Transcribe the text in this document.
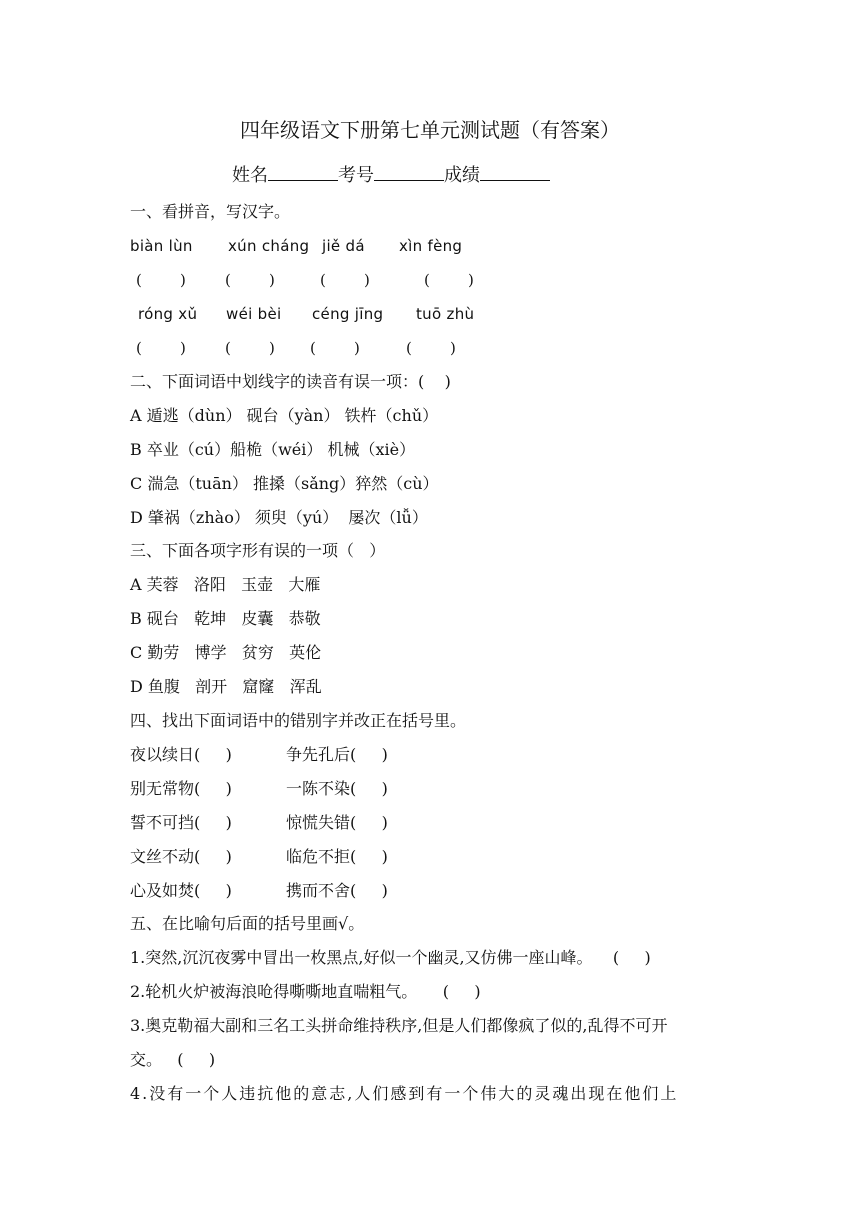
四年级语文下册第七单元测试题（有答案）
姓名	考号	成绩
一、看拼音，写汉字。
biàn lùn xún cháng jiě dá xìn fèng
(        )	(        )	(        )	(        )
róng xǔ wéi bèi céng jīng tuō zhù
(        )	(        ) (        )	(        )
二、下面词语中划线字的读音有误一项：(    )
A 遁逃（dùn） 砚台（yàn） 铁杵（chǔ）
B 卒业（cú）船桅（wéi） 机械（xiè）
C 湍急（tuān） 推搡（sǎng）猝然（cù）
D 肇祸（zhào） 须臾（yú）  屡次（lǚ）
三、下面各项字形有误的一项（   ）
A 芙蓉   洛阳   玉壶   大雁
B 砚台   乾坤   皮囊   恭敬
C 勤劳   博学   贫穷   英伦
D 鱼腹   剖开   窟窿   浑乱
四、找出下面词语中的错别字并改正在括号里。
夜以续日(     )	争先孔后(     )
别无常物(     )	一陈不染(     )
誓不可挡(     )	惊慌失错(     )
文丝不动(     )	临危不拒(     )
心及如焚(     )	携而不舍(     )
五、在比喻句后面的括号里画√。
1.突然,沉沉夜雾中冒出一枚黑点,好似一个幽灵,又仿佛一座山峰。    (     )
2.轮机火炉被海浪呛得嘶嘶地直喘粗气。     (     )
3.奥克勒福大副和三名工头拼命维持秩序,但是人们都像疯了似的,乱得不可开
交。   (     )
4.没有一个人违抗他的意志,人们感到有一个伟大的灵魂出现在他们上
